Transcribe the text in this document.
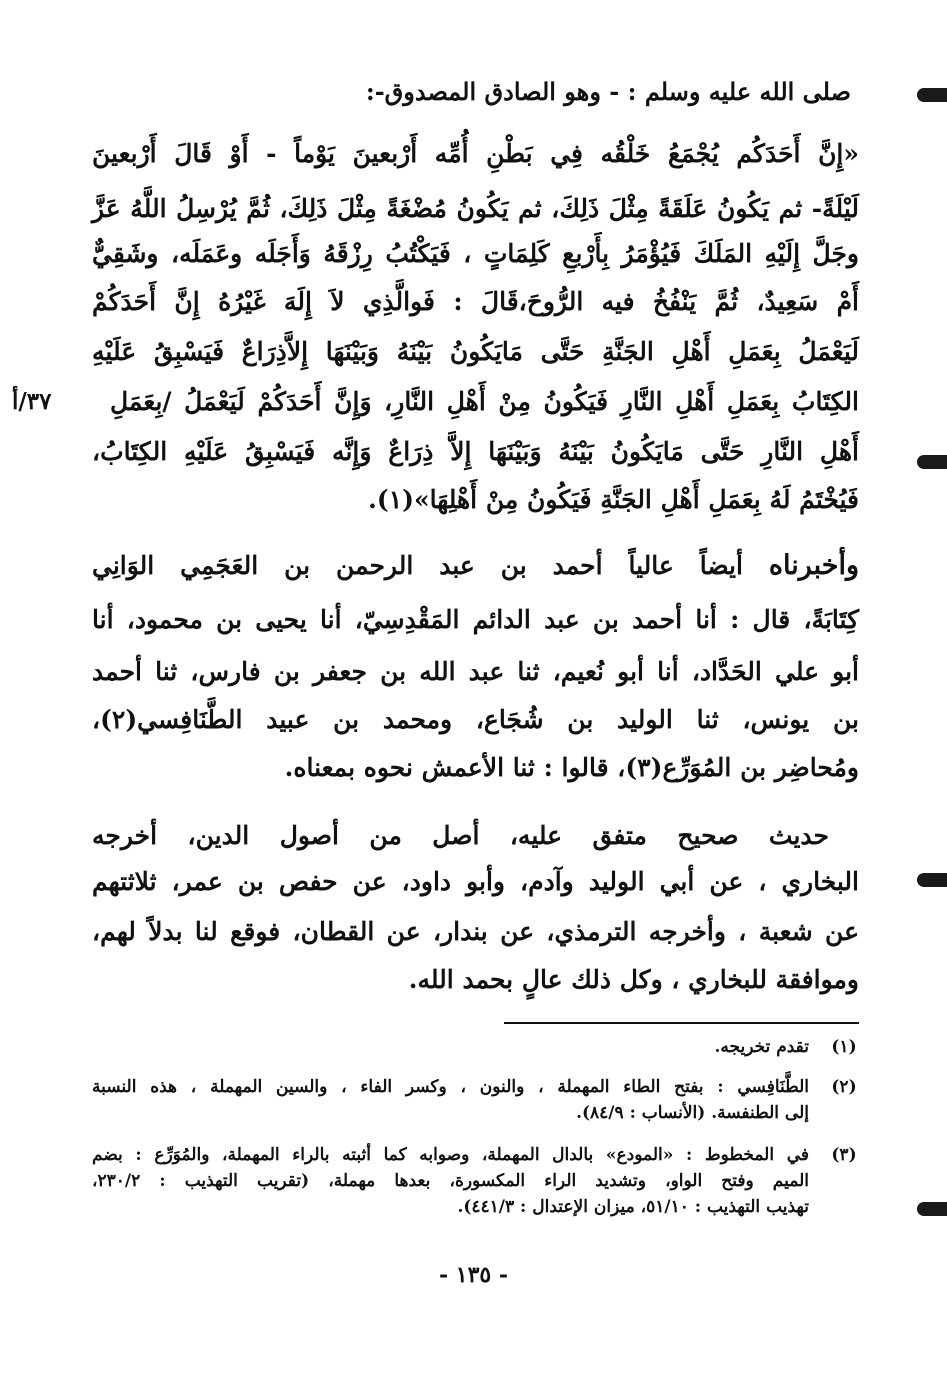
صلى الله عليه وسلم : - وهو الصادق المصدوق-:
«إِنَّ أَحَدَكُم يُجْمَعُ خَلْقُه فِي بَطْنِ أُمِّه أَرْبعينَ يَوْماً - أَوْ قَالَ أَرْبعينَ
لَيْلَةً- ثم يَكُونُ عَلَقَةً مِثْلَ ذَلِكَ، ثم يَكُونُ مُضْغَةً مِثْلَ ذَلِكَ، ثُمَّ يُرْسِلُ اللَّهُ عَزَّ
وجَلَّ إِلَيْهِ المَلَكَ فَيُؤْمَرُ بِأَرْبعِ كَلِمَاتٍ ، فَيَكْتُبُ رِزْقَهُ وَأَجَلَه وعَمَلَه، وشَقِيٌّ
أَمْ سَعِيدٌ، ثُمَّ يَنْفُخُ فيه الرُّوحَ،قَالَ : فَوالَّذِي لاَ إِلَهَ غَيْرُهُ إِنَّ أَحَدَكُمْ
لَيَعْمَلُ بِعَمَلِ أَهْلِ الجَنَّةِ حَتَّى مَايَكُونُ بَيْنَهُ وَبَيْنَهَا إِلاَّذِرَاعٌ فَيَسْبِقُ عَلَيْهِ
الكِتَابُ بِعَمَلِ أَهْلِ النَّارِ فَيَكُونُ مِنْ أَهْلِ النَّارِ، وَإِنَّ أَحَدَكُمْ لَيَعْمَلُ /بِعَمَلِ
٣٧/أ
أَهْلِ النَّارِ حَتَّى مَايَكُونُ بَيْنَهُ وَبَيْنَهَا إِلاَّ ذِرَاعٌ وَإِنَّه فَيَسْبِقُ عَلَيْهِ الكِتَابُ،
فَيُخْتَمُ لَهُ بِعَمَلِ أَهْلِ الجَنَّةِ فَيَكُونُ مِنْ أَهْلِهَا»(١).
وأخبرناه أيضاً عالياً أحمد بن عبد الرحمن بن العَجَمِي الوَانِي
كِتَابَةً، قال : أنا أحمد بن عبد الدائم المَقْدِسِيّ، أنا يحيى بن محمود، أنا
أبو علي الحَدَّاد، أنا أبو نُعيم، ثنا عبد الله بن جعفر بن فارس، ثنا أحمد
بن يونس، ثنا الوليد بن شُجَاع، ومحمد بن عبيد الطَّنَافِسي(٢)،
ومُحاضِر بن المُوَرِّع(٣)، قالوا : ثنا الأعمش نحوه بمعناه.
حديث صحيح متفق عليه، أصل من أصول الدين، أخرجه
البخاري ، عن أبي الوليد وآدم، وأبو داود، عن حفص بن عمر، ثلاثتهم
عن شعبة ، وأخرجه الترمذي، عن بندار، عن القطان، فوقع لنا بدلاً لهم،
وموافقة للبخاري ، وكل ذلك عالٍ بحمد الله.
(١)
تقدم تخريجه.
(٢)
الطَّنَافِسي : بفتح الطاء المهملة ، والنون ، وكسر الفاء ، والسين المهملة ، هذه النسبة
إلى الطنفسة. (الأنساب : ٨٤/٩).
(٣)
في المخطوط : «المودع» بالدال المهملة، وصوابه كما أثبته بالراء المهملة، والمُوَرِّع : بضم
الميم وفتح الواو، وتشديد الراء المكسورة، بعدها مهملة، (تقريب التهذيب : ٢٣٠/٢،
تهذيب التهذيب : ٥١/١٠، ميزان الإعتدال : ٤٤١/٣).
- ١٣٥ -
